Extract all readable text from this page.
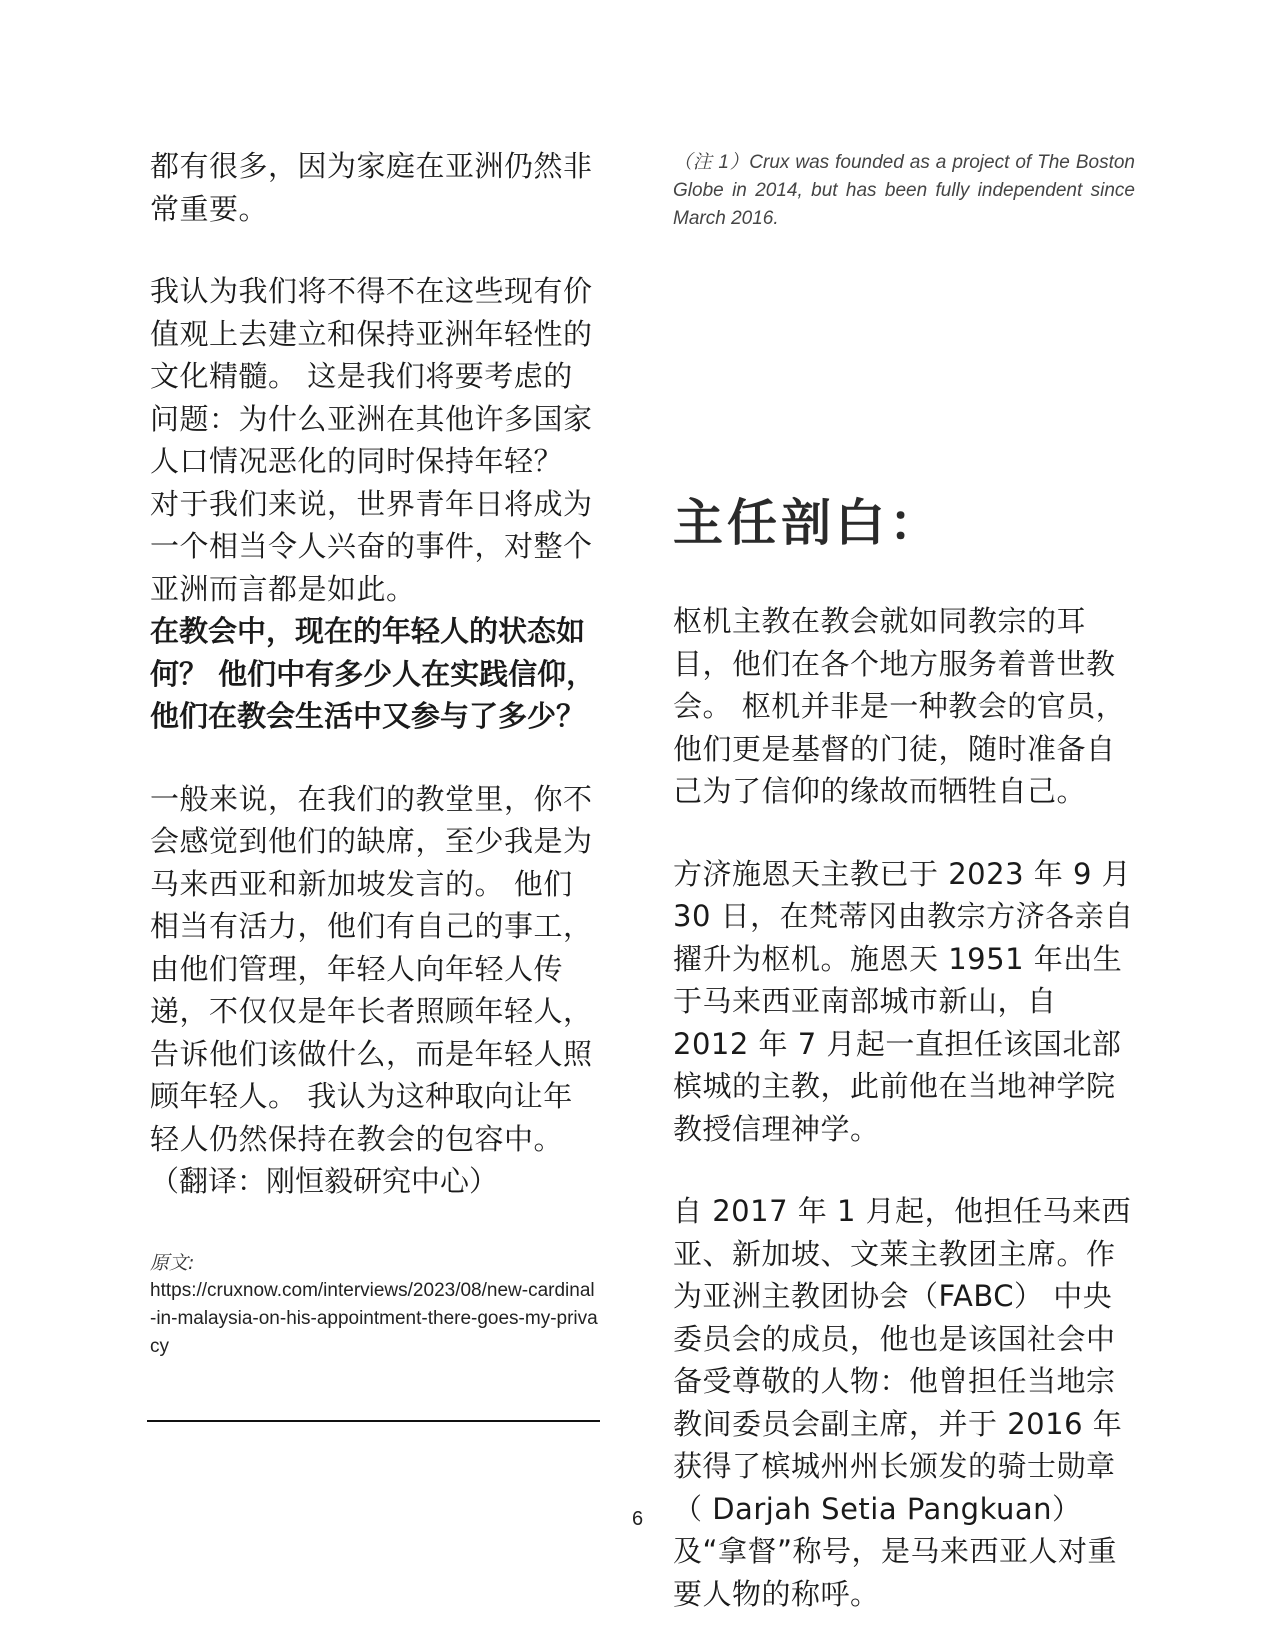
都有很多，因为家庭在亚洲仍然非常重要。

我认为我们将不得不在这些现有价值观上去建立和保持亚洲年轻性的文化精髓。 这是我们将要考虑的问题：为什么亚洲在其他许多国家人口情况恶化的同时保持年轻？ 对于我们来说，世界青年日将成为一个相当令人兴奋的事件，对整个亚洲而言都是如此。

在教会中，现在的年轻人的状态如何？ 他们中有多少人在实践信仰，他们在教会生活中又参与了多少？

一般来说，在我们的教堂里，你不会感觉到他们的缺席，至少我是为马来西亚和新加坡发言的。 他们相当有活力，他们有自己的事工，由他们管理，年轻人向年轻人传递，不仅仅是年长者照顾年轻人，告诉他们该做什么，而是年轻人照顾年轻人。 我认为这种取向让年轻人仍然保持在教会的包容中。

（翻译：刚恒毅研究中心）

原文:

https://cruxnow.com/interviews/2023/08/new-cardinal-in-malaysia-on-his-appointment-there-goes-my-privacy

（注 1）Crux was founded as a project of The Boston Globe in 2014, but has been fully independent since March 2016.

主任剖白：

枢机主教在教会就如同教宗的耳目，他们在各个地方服务着普世教会。 枢机并非是一种教会的官员，他们更是基督的门徒，随时准备自己为了信仰的缘故而牺牲自己。

方济施恩天主教已于 2023 年 9 月 30 日，在梵蒂冈由教宗方济各亲自擢升为枢机。施恩天 1951 年出生于马来西亚南部城市新山，自 2012 年 7 月起一直担任该国北部槟城的主教，此前他在当地神学院教授信理神学。

自 2017 年 1 月起，他担任马来西亚、新加坡、文莱主教团主席。作为亚洲主教团协会（FABC） 中央委员会的成员，他也是该国社会中备受尊敬的人物：他曾担任当地宗教间委员会副主席，并于 2016 年获得了槟城州州长颁发的骑士勋章（ Darjah Setia Pangkuan） 及“拿督”称号，是马来西亚人对重要人物的称呼。

6
